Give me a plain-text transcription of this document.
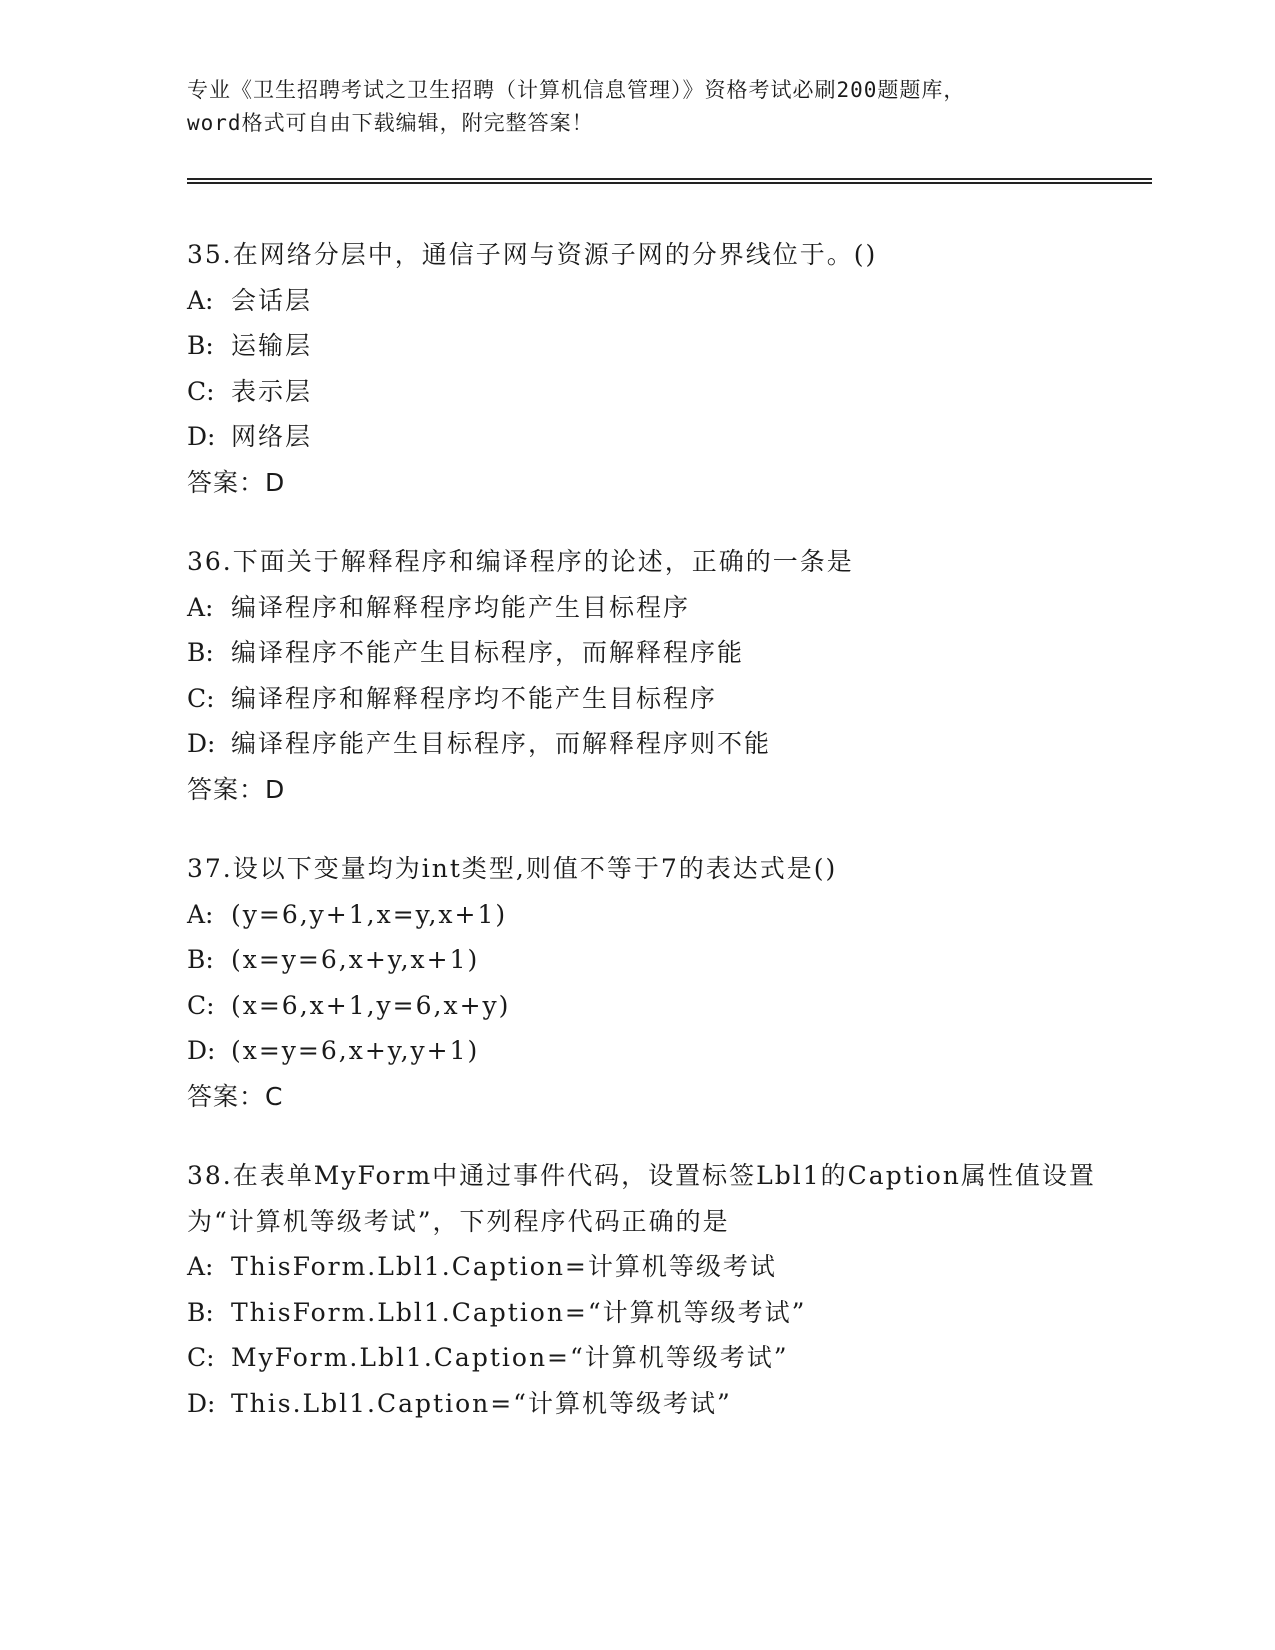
专业《卫生招聘考试之卫生招聘（计算机信息管理）》资格考试必刷200题题库，
word格式可自由下载编辑，附完整答案！
35.在网络分层中，通信子网与资源子网的分界线位于。()
A: 会话层
B: 运输层
C: 表示层
D: 网络层
答案：D
36.下面关于解释程序和编译程序的论述，正确的一条是
A: 编译程序和解释程序均能产生目标程序
B: 编译程序不能产生目标程序，而解释程序能
C: 编译程序和解释程序均不能产生目标程序
D: 编译程序能产生目标程序，而解释程序则不能
答案：D
37.设以下变量均为int类型,则值不等于7的表达式是()
A: (y=6,y+1,x=y,x+1)
B: (x=y=6,x+y,x+1)
C: (x=6,x+1,y=6,x+y)
D: (x=y=6,x+y,y+1)
答案：C
38.在表单MyForm中通过事件代码，设置标签Lbl1的Caption属性值设置为“计算机等级考试”，下列程序代码正确的是
A: ThisForm.Lbl1.Caption=计算机等级考试
B: ThisForm.Lbl1.Caption=“计算机等级考试”
C: MyForm.Lbl1.Caption=“计算机等级考试”
D: This.Lbl1.Caption=“计算机等级考试”
